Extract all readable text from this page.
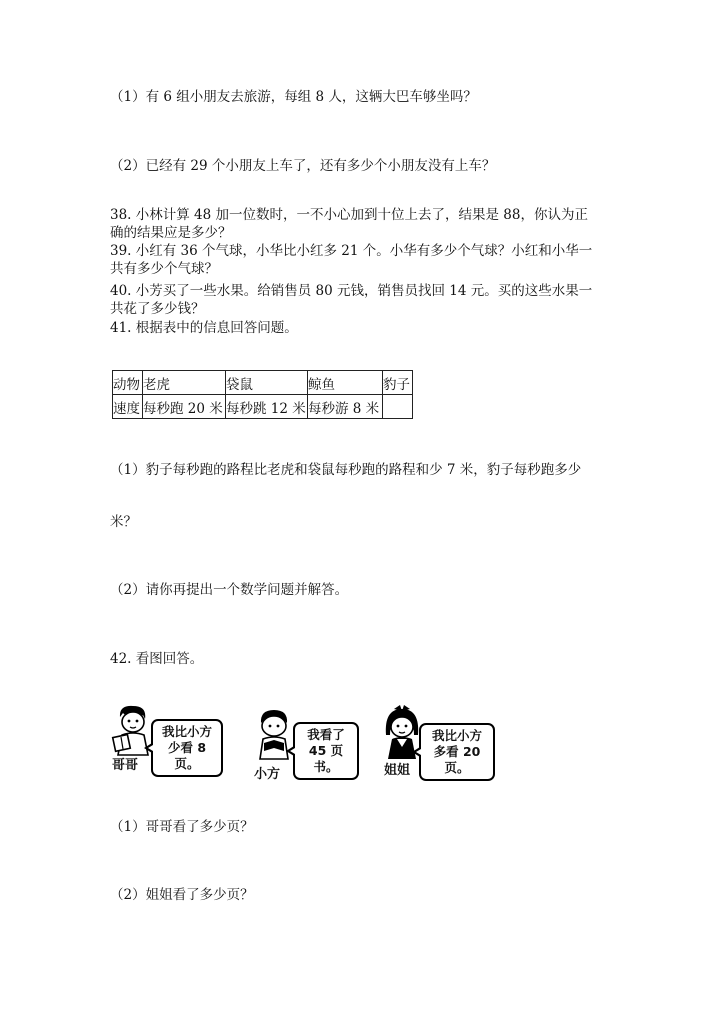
（1）有 6 组小朋友去旅游，每组 8 人，这辆大巴车够坐吗？
（2）已经有 29 个小朋友上车了，还有多少个小朋友没有上车？
38. 小林计算 48 加一位数时，一不小心加到十位上去了，结果是 88，你认为正
确的结果应是多少？
39. 小红有 36 个气球，小华比小红多 21 个。小华有多少个气球？小红和小华一
共有多少个气球？
40. 小芳买了一些水果。给销售员 80 元钱，销售员找回 14 元。买的这些水果一
共花了多少钱？
41. 根据表中的信息回答问题。
动物	老虎	袋鼠	鲸鱼	豹子
速度	每秒跑 20 米	每秒跳 12 米	每秒游 8 米	
（1）豹子每秒跑的路程比老虎和袋鼠每秒跑的路程和少 7 米，豹子每秒跑多少
米？
（2）请你再提出一个数学问题并解答。
42. 看图回答。
哥哥
我比小方
少看 8 页。
小方
我看了
45 页书。	姐姐
我比小方
多看 20 页。
（1）哥哥看了多少页？
（2）姐姐看了多少页？
